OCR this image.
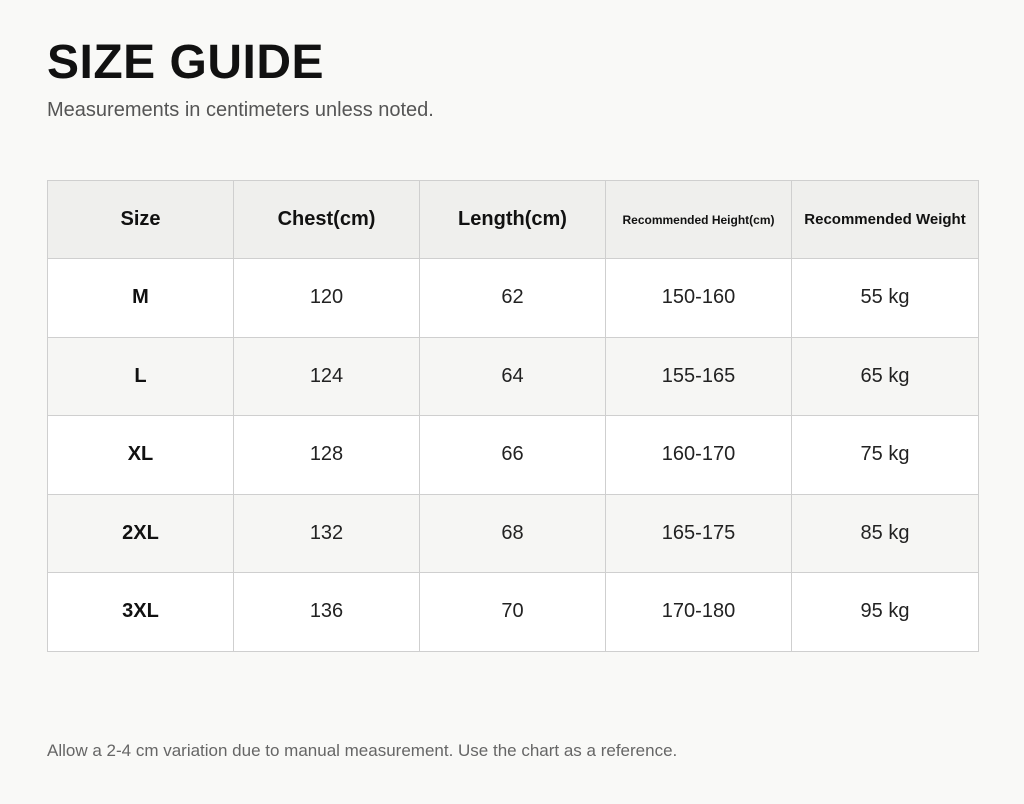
SIZE GUIDE

Measurements in centimeters unless noted.

Size	Chest(cm)	Length(cm)	Recommended Height(cm)	Recommended Weight
M	120	62	150-160	55 kg
L	124	64	155-165	65 kg
XL	128	66	160-170	75 kg
2XL	132	68	165-175	85 kg
3XL	136	70	170-180	95 kg

Allow a 2-4 cm variation due to manual measurement. Use the chart as a reference.
